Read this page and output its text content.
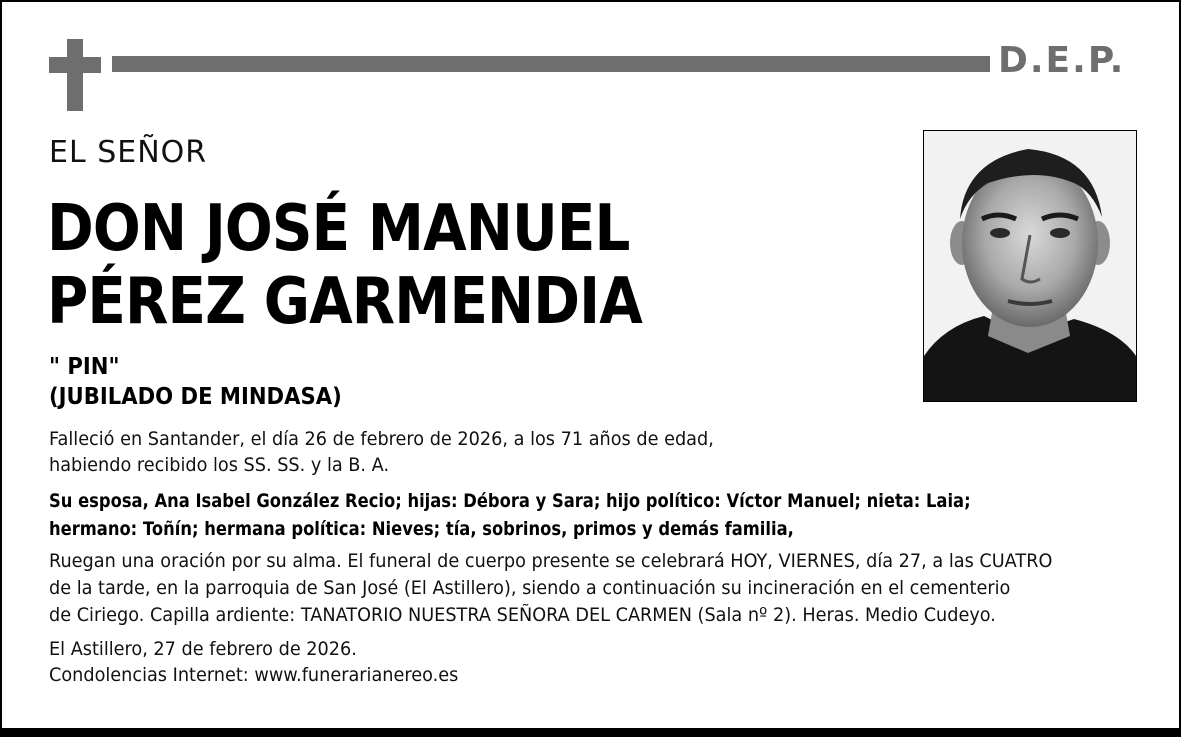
D.E.P.
EL SEÑOR
DON JOSÉ MANUEL
PÉREZ GARMENDIA
" PIN"
(JUBILADO DE MINDASA)
Falleció en Santander, el día 26 de febrero de 2026, a los 71 años de edad,
habiendo recibido los SS. SS. y la B. A.
Su esposa, Ana Isabel González Recio; hijas: Débora y Sara; hijo político: Víctor Manuel; nieta: Laia;
hermano: Toñín; hermana política: Nieves; tía, sobrinos, primos y demás familia,
Ruegan una oración por su alma. El funeral de cuerpo presente se celebrará HOY, VIERNES, día 27, a las CUATRO
de la tarde, en la parroquia de San José (El Astillero), siendo a continuación su incineración en el cementerio
de Ciriego. Capilla ardiente: TANATORIO NUESTRA SEÑORA DEL CARMEN (Sala nº 2). Heras. Medio Cudeyo.
El Astillero, 27 de febrero de 2026.
Condolencias Internet: www.funerarianereo.es
